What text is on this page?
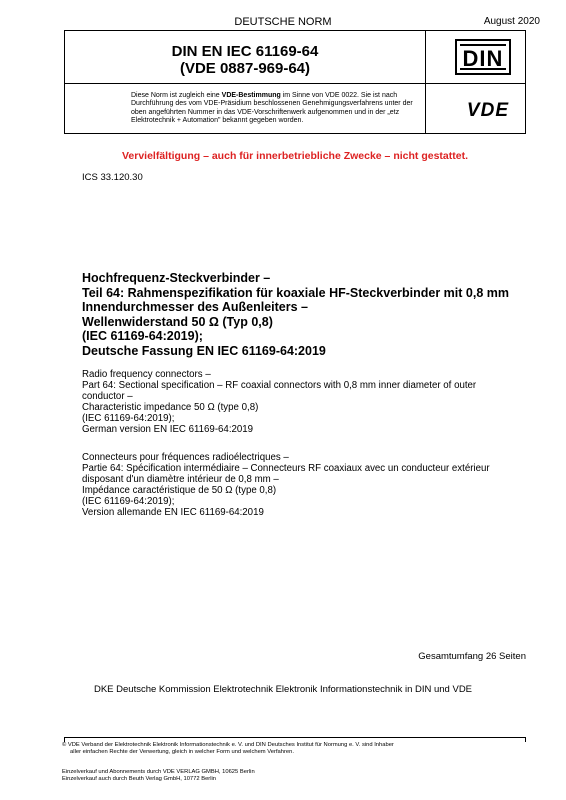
DEUTSCHE NORM	August 2020
DIN EN IEC 61169-64
(VDE 0887-969-64)	DIN
Diese Norm ist zugleich eine VDE-Bestimmung im Sinne von VDE 0022. Sie ist nach Durchführung des vom VDE-Präsidium beschlossenen Genehmigungsverfahrens unter der oben angeführten Nummer in das VDE-Vorschriftenwerk aufgenommen und in der „etz Elektrotechnik + Automation" bekannt gegeben worden.	VDE
Vervielfältigung – auch für innerbetriebliche Zwecke – nicht gestattet.
ICS 33.120.30
Hochfrequenz-Steckverbinder –
Teil 64: Rahmenspezifikation für koaxiale HF-Steckverbinder mit 0,8 mm
Innendurchmesser des Außenleiters –
Wellenwiderstand 50 Ω (Typ 0,8)
(IEC 61169-64:2019);
Deutsche Fassung EN IEC 61169-64:2019
Radio frequency connectors –
Part 64: Sectional specification – RF coaxial connectors with 0,8 mm inner diameter of outer
conductor –
Characteristic impedance 50 Ω (type 0,8)
(IEC 61169-64:2019);
German version EN IEC 61169-64:2019
Connecteurs pour fréquences radioélectriques –
Partie 64: Spécification intermédiaire – Connecteurs RF coaxiaux avec un conducteur extérieur
disposant d'un diamètre intérieur de 0,8 mm –
Impédance caractéristique de 50 Ω (type 0,8)
(IEC 61169-64:2019);
Version allemande EN IEC 61169-64:2019
Gesamtumfang 26 Seiten
DKE Deutsche Kommission Elektrotechnik Elektronik Informationstechnik in DIN und VDE
© VDE Verband der Elektrotechnik Elektronik Informationstechnik e. V. und DIN Deutsches Institut für Normung e. V. sind Inhaber
aller einfachen Rechte der Verwertung, gleich in welcher Form und welchem Verfahren.
Einzelverkauf und Abonnements durch VDE VERLAG GMBH, 10625 Berlin
Einzelverkauf auch durch Beuth Verlag GmbH, 10772 Berlin
